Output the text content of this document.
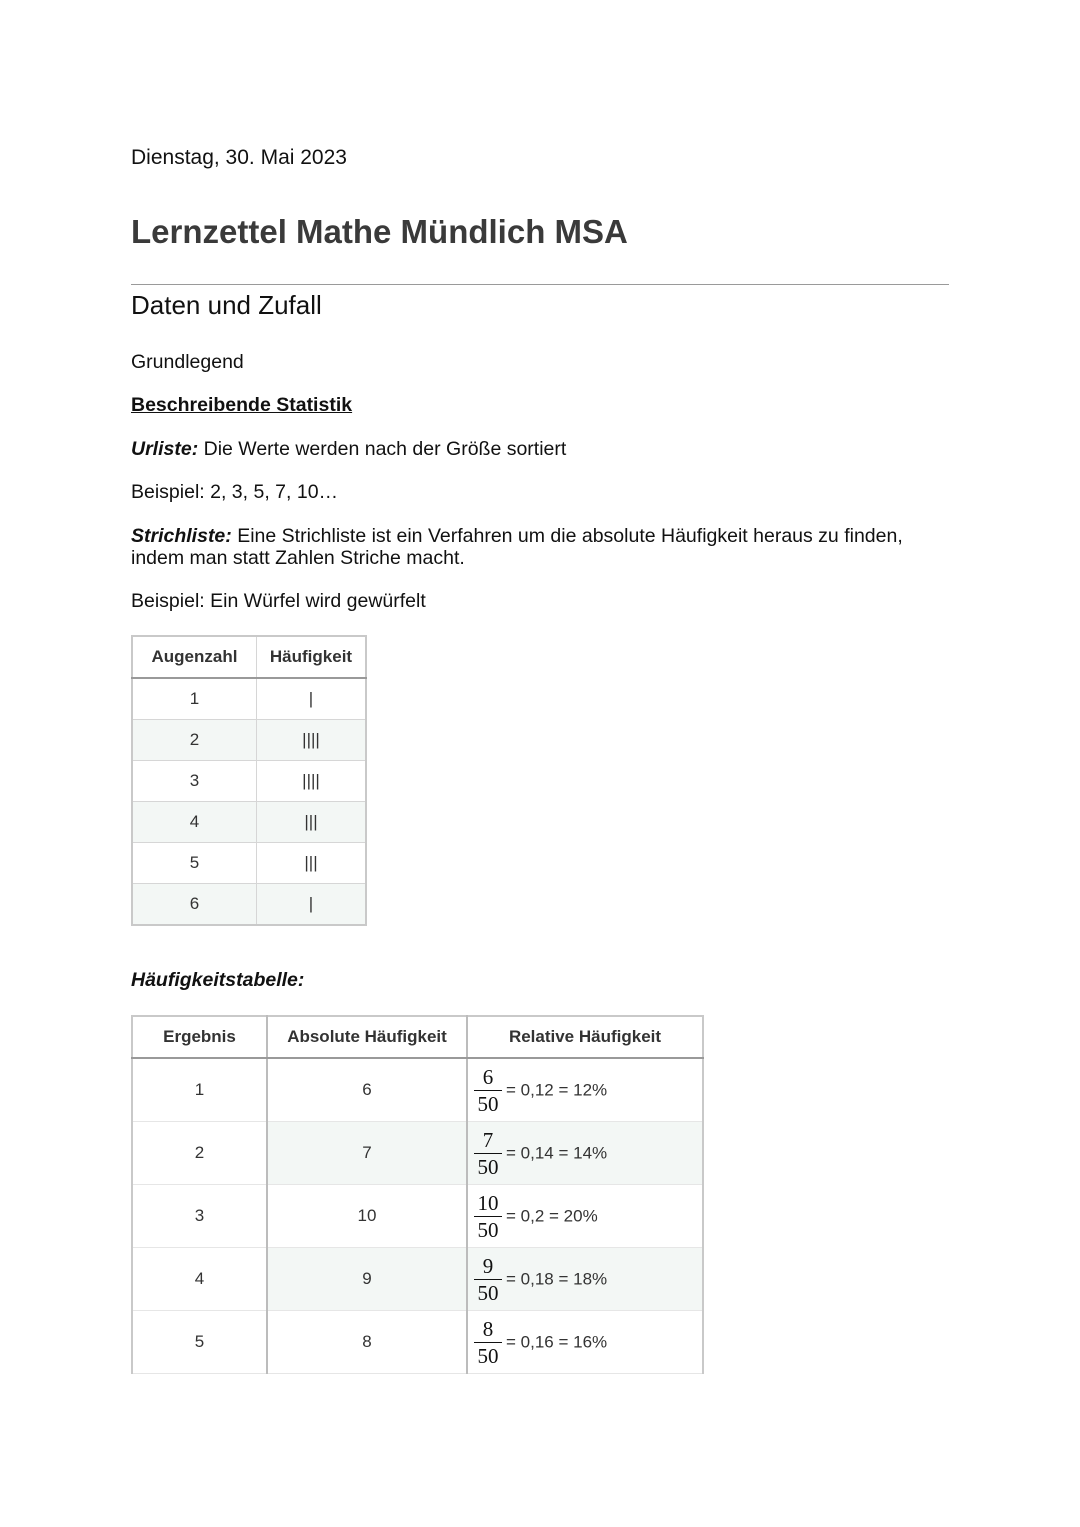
Dienstag, 30. Mai 2023
Lernzettel Mathe Mündlich MSA
Daten und Zufall

Grundlegend

Beschreibende Statistik

Urliste: Die Werte werden nach der Größe sortiert

Beispiel: 2, 3, 5, 7, 10…

Strichliste: Eine Strichliste ist ein Verfahren um die absolute Häufigkeit heraus zu finden, indem man statt Zahlen Striche macht.

Beispiel: Ein Würfel wird gewürfelt

Augenzahl	Häufigkeit
1	|
2	||||
3	||||
4	|||
5	|||
6	|

Häufigkeitstabelle:

Ergebnis	Absolute Häufigkeit	Relative Häufigkeit
1	6	$\frac{6}{50} = 0,12 = 12\%$
2	7	$\frac{7}{50} = 0,14 = 14\%$
3	10	$\frac{10}{50} = 0,2 = 20\%$
4	9	$\frac{9}{50} = 0,18 = 18\%$
5	8	$\frac{8}{50} = 0,16 = 16\%$
